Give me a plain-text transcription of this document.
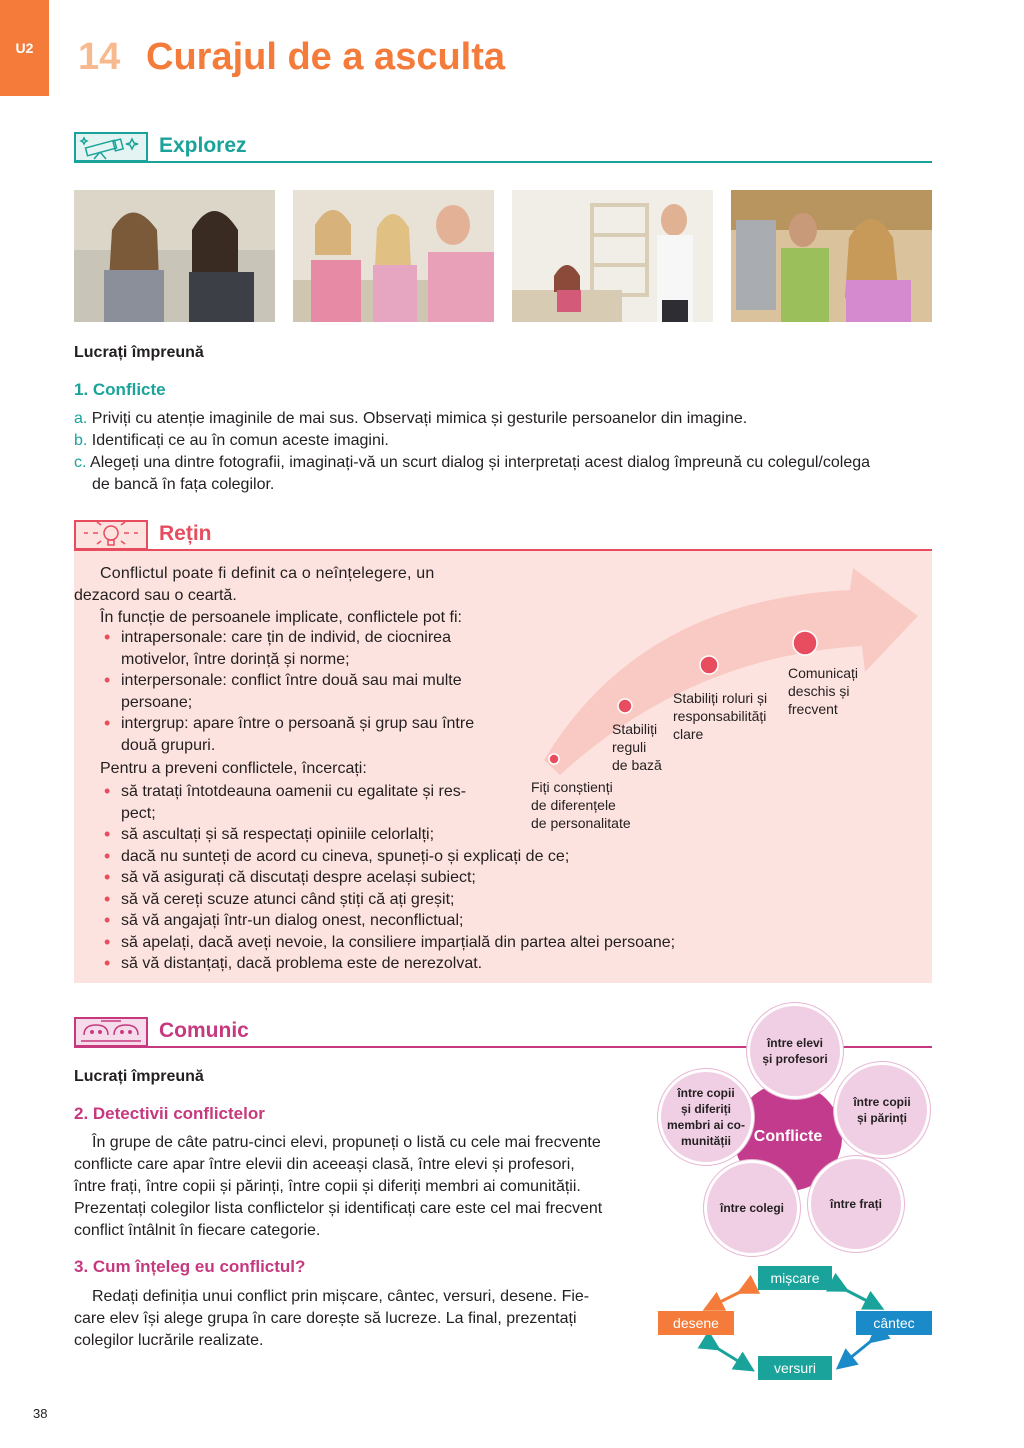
U2 14 Curajul de a asculta
Explorez
Lucrați împreună
1. Conflicte
a. Priviți cu atenție imaginile de mai sus. Observați mimica și gesturile persoanelor din imagine.
b. Identificați ce au în comun aceste imagini.
c. Alegeți una dintre fotografii, imaginați-vă un scurt dialog și interpretați acest dialog împreună cu colegul/colega
de bancă în fața colegilor.
Rețin
Conflictul poate fi definit ca o neînțelegere, un
dezacord sau o ceartă.
În funcție de persoanele implicate, conflictele pot fi:
• intrapersonale: care țin de individ, de ciocnirea
motivelor, între dorință și norme;
• interpersonale: conflict între două sau mai multe
persoane;
• intergrup: apare între o persoană și grup sau între
două grupuri.
Pentru a preveni conflictele, încercați:
• să tratați întotdeauna oamenii cu egalitate și res-
pect;
• să ascultați și să respectați opiniile celorlalți;
• dacă nu sunteți de acord cu cineva, spuneți-o și explicați de ce;
• să vă asigurați că discutați despre același subiect;
• să vă cereți scuze atunci când știți că ați greșit;
• să vă angajați într-un dialog onest, neconflictual;
• să apelați, dacă aveți nevoie, la consiliere imparțială din partea altei persoane;
• să vă distanțați, dacă problema este de nerezolvat.
Fiți conștienți
de diferențele
de personalitate
Stabiliți
reguli
de bază
Stabiliți roluri și
responsabilități
clare
Comunicați
deschis și
frecvent
Comunic
Lucrați împreună
2. Detectivii conflictelor
În grupe de câte patru-cinci elevi, propuneți o listă cu cele mai frecvente
conflicte care apar între elevii din aceeași clasă, între elevi și profesori,
între frați, între copii și părinți, între copii și diferiți membri ai comunității.
Prezentați colegilor lista conflictelor și identificați care este cel mai frecvent
conflict întâlnit în fiecare categorie.
3. Cum înțeleg eu conflictul?
Redați definiția unui conflict prin mișcare, cântec, versuri, desene. Fie-
care elev își alege grupa în care dorește să lucreze. La final, prezentați
colegilor lucrările realizate.
Conflicte
între elevi
și profesori
între copii
și părinți
între frați
între colegi
între copii
și diferiți
membri ai co-
munității
mișcare
cântec
versuri
desene
38
